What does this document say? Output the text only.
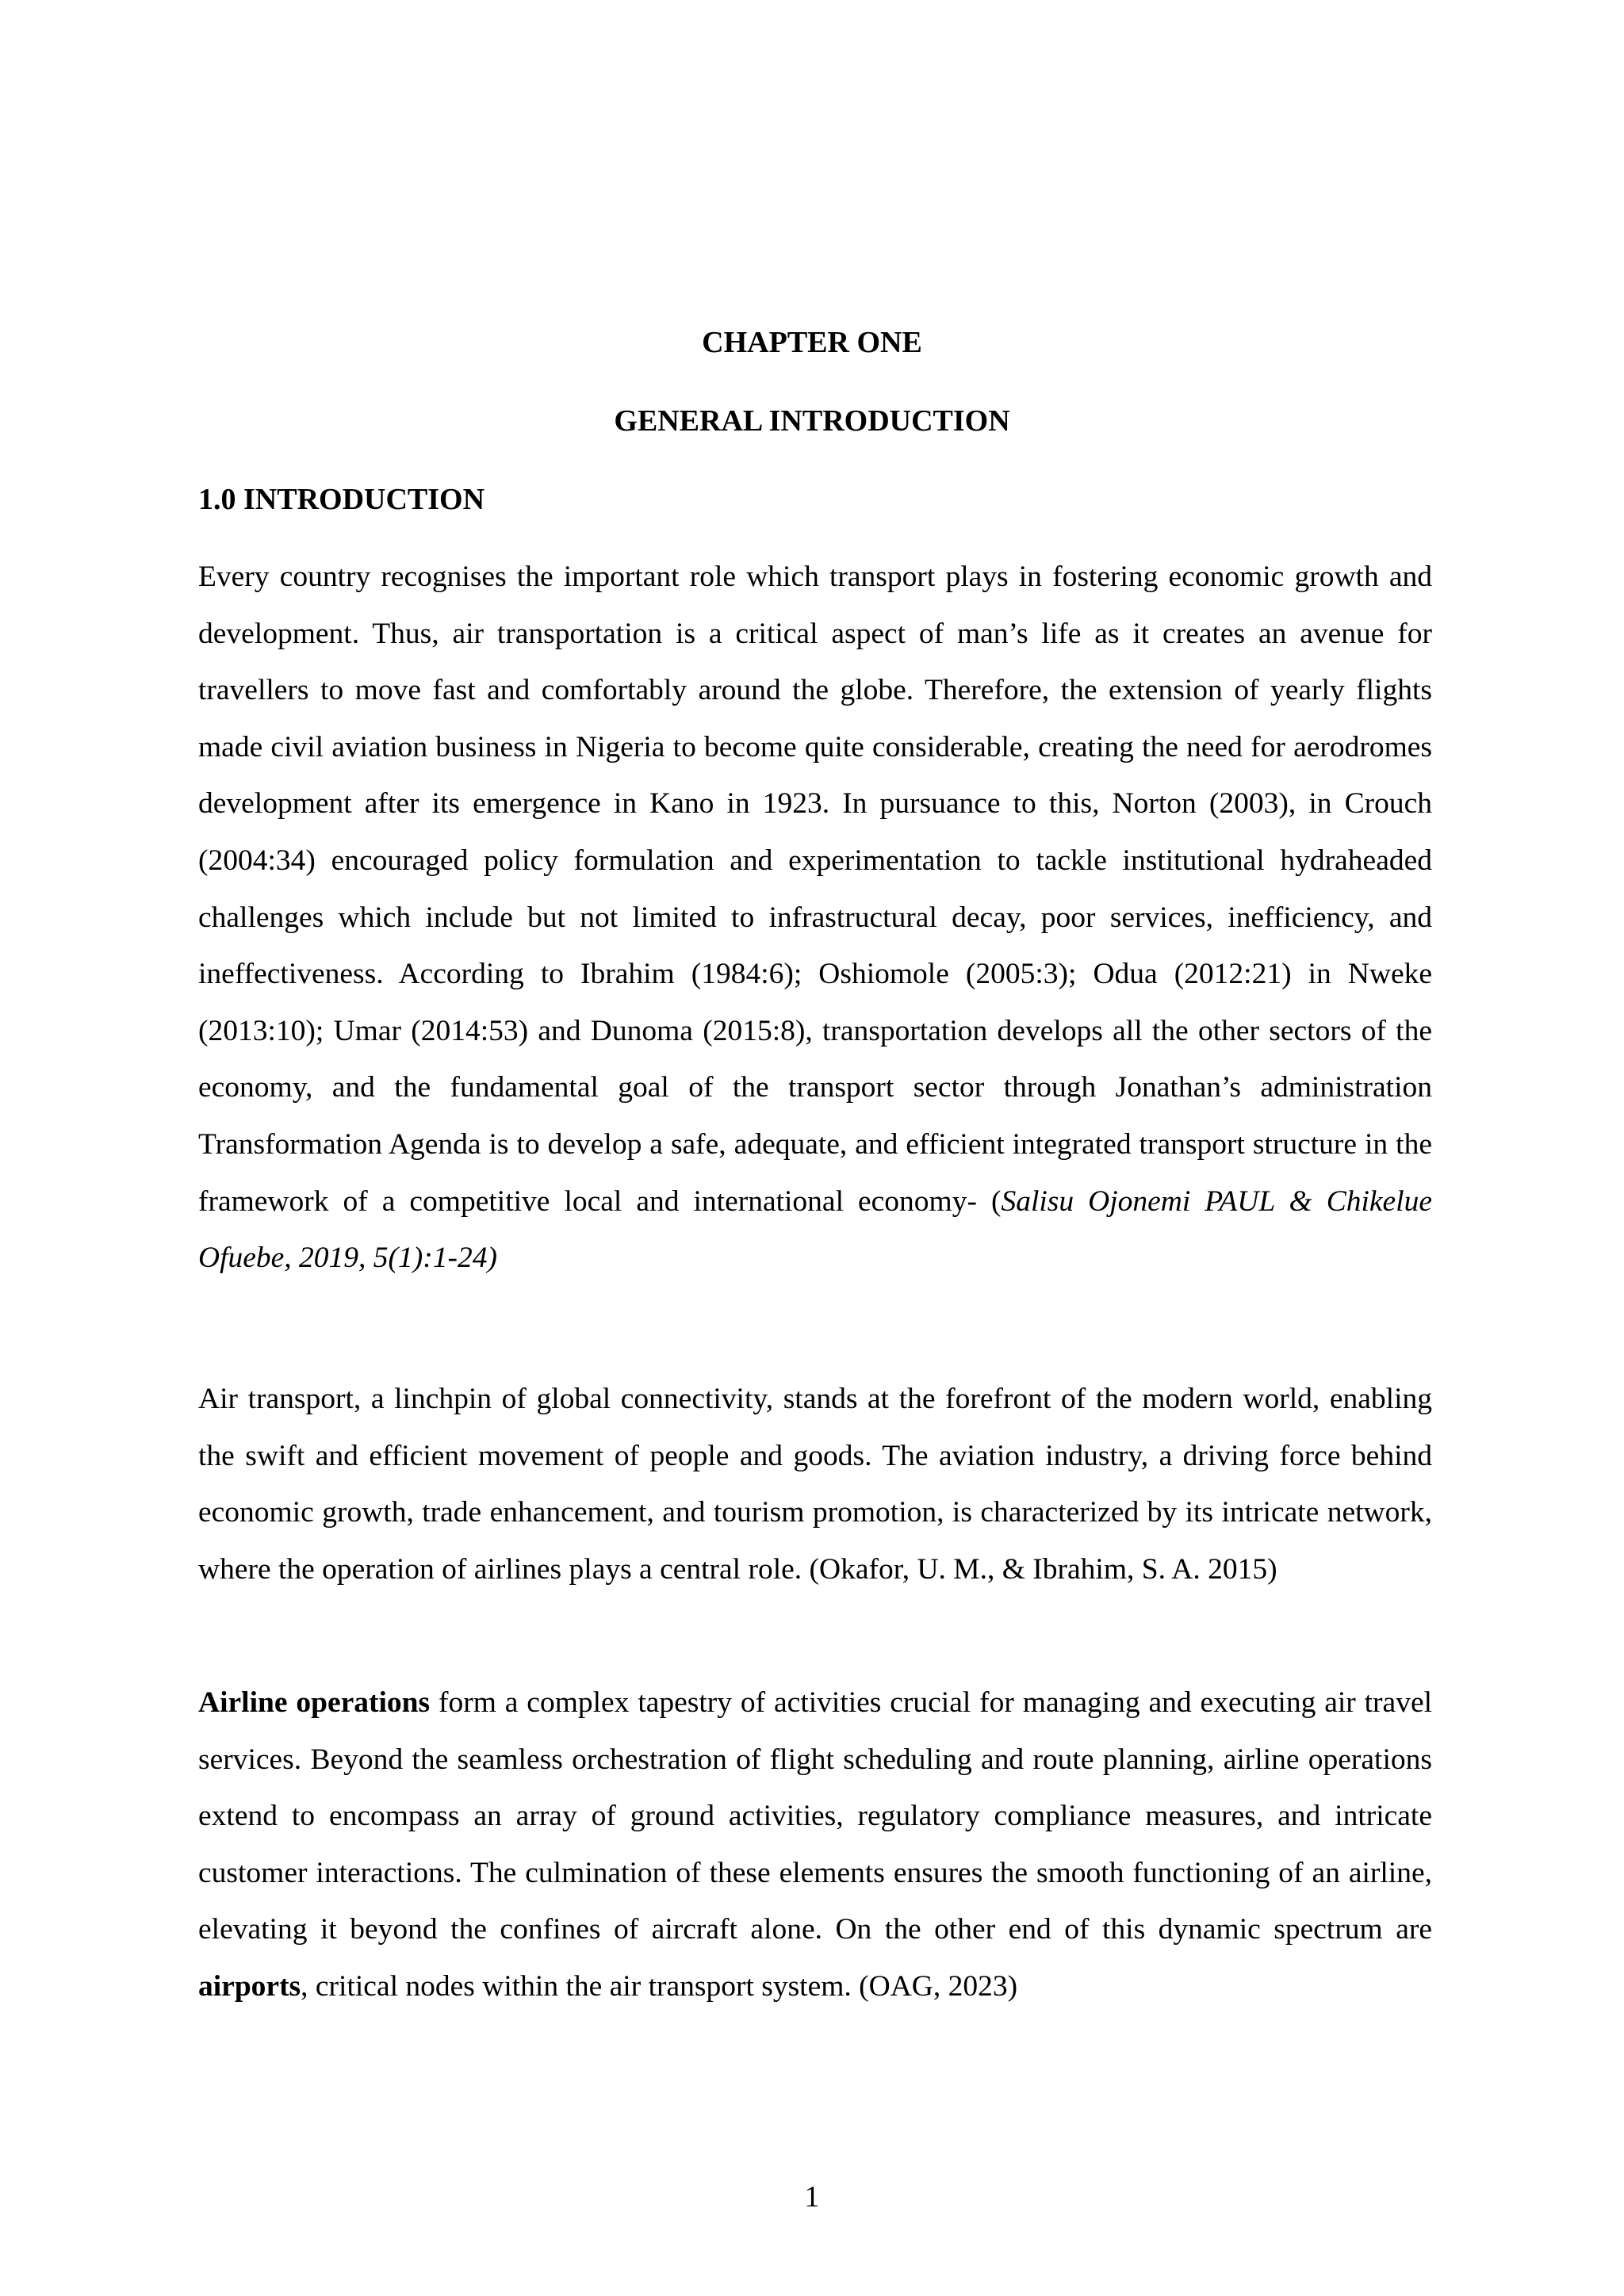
CHAPTER ONE
GENERAL INTRODUCTION
1.0 INTRODUCTION

Every country recognises the important role which transport plays in fostering economic growth and development. Thus, air transportation is a critical aspect of man’s life as it creates an avenue for travellers to move fast and comfortably around the globe. Therefore, the extension of yearly flights made civil aviation business in Nigeria to become quite considerable, creating the need for aerodromes development after its emergence in Kano in 1923. In pursuance to this, Norton (2003), in Crouch (2004:34) encouraged policy formulation and experimentation to tackle institutional hydraheaded challenges which include but not limited to infrastructural decay, poor services, inefficiency, and ineffectiveness. According to Ibrahim (1984:6); Oshiomole (2005:3); Odua (2012:21) in Nweke (2013:10); Umar (2014:53) and Dunoma (2015:8), transportation develops all the other sectors of the economy, and the fundamental goal of the transport sector through Jonathan’s administration Transformation Agenda is to develop a safe, adequate, and efficient integrated transport structure in the framework of a competitive local and international economy- (Salisu Ojonemi PAUL & Chikelue Ofuebe, 2019, 5(1):1-24)

Air transport, a linchpin of global connectivity, stands at the forefront of the modern world, enabling the swift and efficient movement of people and goods. The aviation industry, a driving force behind economic growth, trade enhancement, and tourism promotion, is characterized by its intricate network, where the operation of airlines plays a central role. (Okafor, U. M., & Ibrahim, S. A. 2015)

Airline operations form a complex tapestry of activities crucial for managing and executing air travel services. Beyond the seamless orchestration of flight scheduling and route planning, airline operations extend to encompass an array of ground activities, regulatory compliance measures, and intricate customer interactions. The culmination of these elements ensures the smooth functioning of an airline, elevating it beyond the confines of aircraft alone. On the other end of this dynamic spectrum are airports, critical nodes within the air transport system. (OAG, 2023)

1
